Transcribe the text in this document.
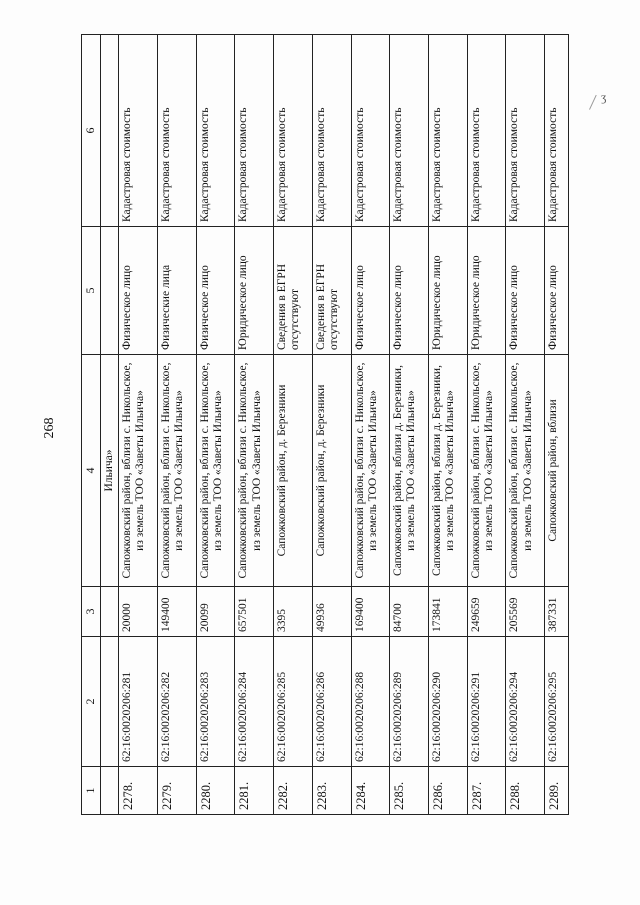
268
ʒ
1	2	3	4	5	6
			Ильича»		
2278.	62:16:0020206:281	20000	Сапожковский район, вблизи с. Никольское, из земель ТОО «Заветы Ильича»	Физическое лицо	Кадастровая стоимость
2279.	62:16:0020206:282	149400	Сапожковский район, вблизи с. Никольское, из земель ТОО «Заветы Ильича»	Физические лица	Кадастровая стоимость
2280.	62:16:0020206:283	20099	Сапожковский район, вблизи с. Никольское, из земель ТОО «Заветы Ильича»	Физическое лицо	Кадастровая стоимость
2281.	62:16:0020206:284	657501	Сапожковский район, вблизи с. Никольское, из земель ТОО «Заветы Ильича»	Юридическое лицо	Кадастровая стоимость
2282.	62:16:0020206:285	3395	Сапожковский район, д. Березники	Сведения в ЕГРН отсутствуют	Кадастровая стоимость
2283.	62:16:0020206:286	49936	Сапожковский район, д. Березники	Сведения в ЕГРН отсутствуют	Кадастровая стоимость
2284.	62:16:0020206:288	169400	Сапожковский район, вблизи с. Никольское, из земель ТОО «Заветы Ильича»	Физическое лицо	Кадастровая стоимость
2285.	62:16:0020206:289	84700	Сапожковский район, вблизи д. Березники, из земель ТОО «Заветы Ильича»	Физическое лицо	Кадастровая стоимость
2286.	62:16:0020206:290	173841	Сапожковский район, вблизи д. Березники, из земель ТОО «Заветы Ильича»	Юридическое лицо	Кадастровая стоимость
2287.	62:16:0020206:291	249659	Сапожковский район, вблизи с. Никольское, из земель ТОО «Заветы Ильича»	Юридическое лицо	Кадастровая стоимость
2288.	62:16:0020206:294	205569	Сапожковский район, вблизи с. Никольское, из земель ТОО «Заветы Ильича»	Физическое лицо	Кадастровая стоимость
2289.	62:16:0020206:295	387331	Сапожковский район, вблизи	Физическое лицо	Кадастровая стоимость
